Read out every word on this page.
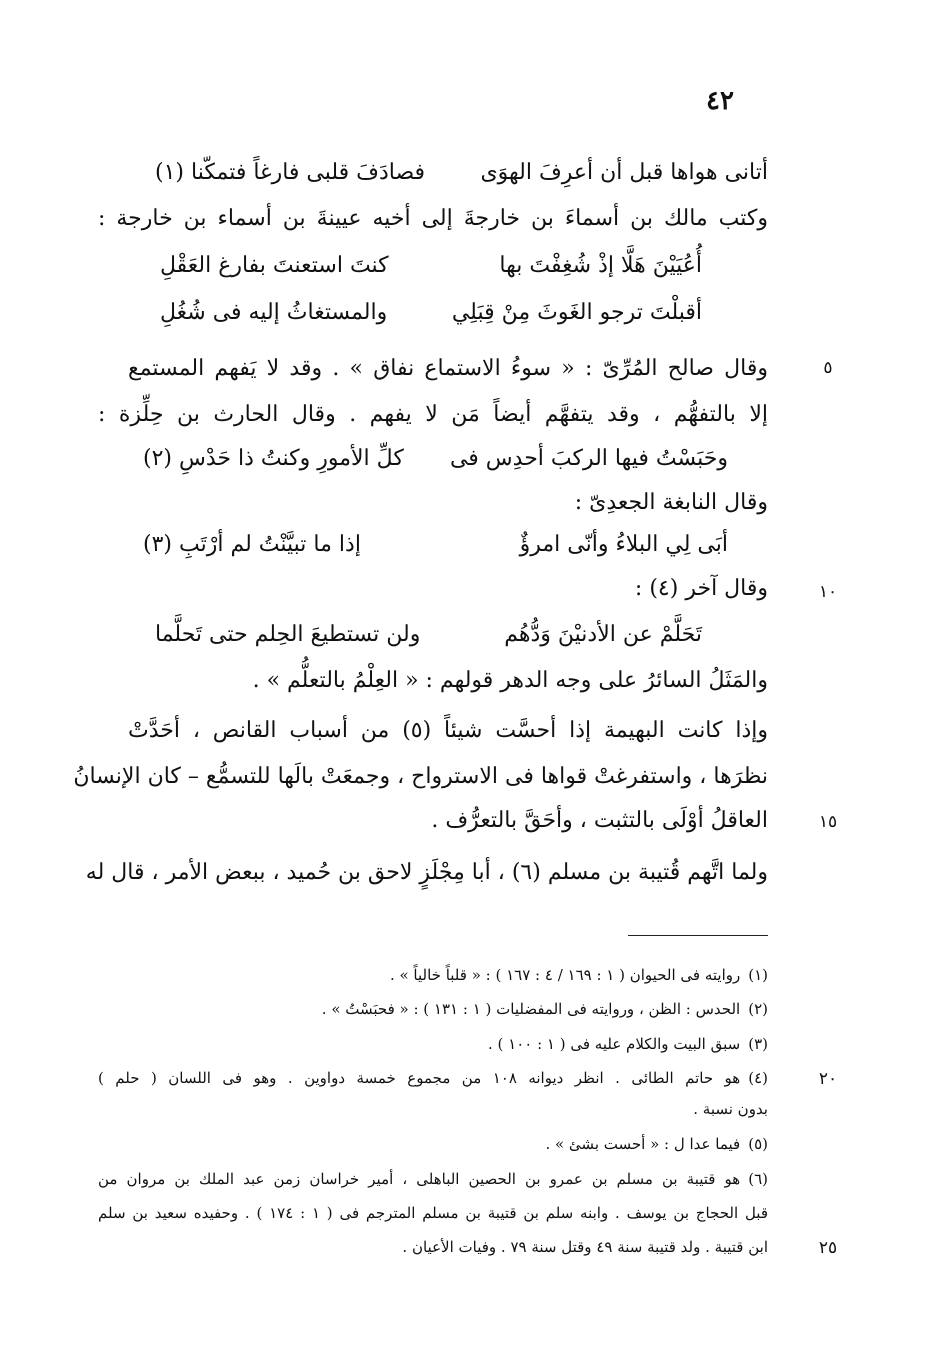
٤٢
أتانى هواها قبل أن أعرِفَ الهوَى
فصادَفَ قلبى فارغاً فتمكّنا (١)
وكتب مالك بن أسماءَ بن خارجةَ إلى أخيه عيينةَ بن أسماء بن خارجة :
أُعُيَيْنَ هَلَّا إذْ شُغِفْتَ بها
كنتَ استعنتَ بفارغ العَقْلِ
أقبلْتَ ترجو الغَوثَ مِنْ قِبَلِي
والمستغاثُ إليه فى شُغُلِ
٥
وقال صالح المُرِّىّ : « سوءُ الاستماع نفاق » . وقد لا يَفهم المستمع
إلا بالتفهُّم ، وقد يتفهَّم أيضاً مَن لا يفهم . وقال الحارث بن حِلِّزة :
وحَبَسْتُ فيها الركبَ أحدِس فى
كلِّ الأمورِ وكنتُ ذا حَدْسِ (٢)
وقال النابغة الجعدِىّ :
أبَى لِي البلاءُ وأنّى امرؤٌ
إذا ما تبيَّنْتُ لم أرْتَبِ (٣)
١٠
وقال آخر (٤) :
تَحَلَّمْ عن الأدنيْنَ وَدُّهُم
ولن تستطيعَ الحِلم حتى تَحلَّما
والمَثَلُ السائرُ على وجه الدهر قولهم : « العِلْمُ بالتعلُّم » .
وإذا كانت البهيمة إذا أحسَّت شيئاً (٥) من أسباب القانص ، أحَدَّتْ
نظرَها ، واستفرغتْ قواها فى الاسترواح ، وجمعَتْ بالَها للتسمُّع – كان الإنسانُ
١٥
العاقلُ أوْلَى بالتثبت ، وأحَقَّ بالتعرُّف .
ولما اتَّهم قُتيبة بن مسلم (٦) ، أبا مِجْلَزٍ لاحق بن حُميد ، ببعض الأمر ، قال له
(١)روايته فى الحيوان ( ١ : ١٦٩ / ٤ : ١٦٧ ) : « قلباً خالياً » .
(٢)الحدس : الظن ، وروايته فى المفضليات ( ١ : ١٣١ ) : « فحبَسْتُ » .
(٣)سبق البيت والكلام عليه فى ( ١ : ١٠٠ ) .
٢٠
(٤)هو حاتم الطائى . انظر ديوانه ١٠٨ من مجموع خمسة دواوين . وهو فى اللسان ( حلم )
بدون نسبة .
(٥)فيما عدا ل : « أحست بشئ » .
(٦)هو قتيبة بن مسلم بن عمرو بن الحصين الباهلى ، أمير خراسان زمن عبد الملك بن مروان من
قبل الحجاج بن يوسف . وابنه سلم بن قتيبة بن مسلم المترجم فى ( ١ : ١٧٤ ) . وحفيده سعيد بن سلم
٢٥
ابن قتيبة . ولد قتيبة سنة ٤٩ وقتل سنة ٧٩ . وفيات الأعيان .
